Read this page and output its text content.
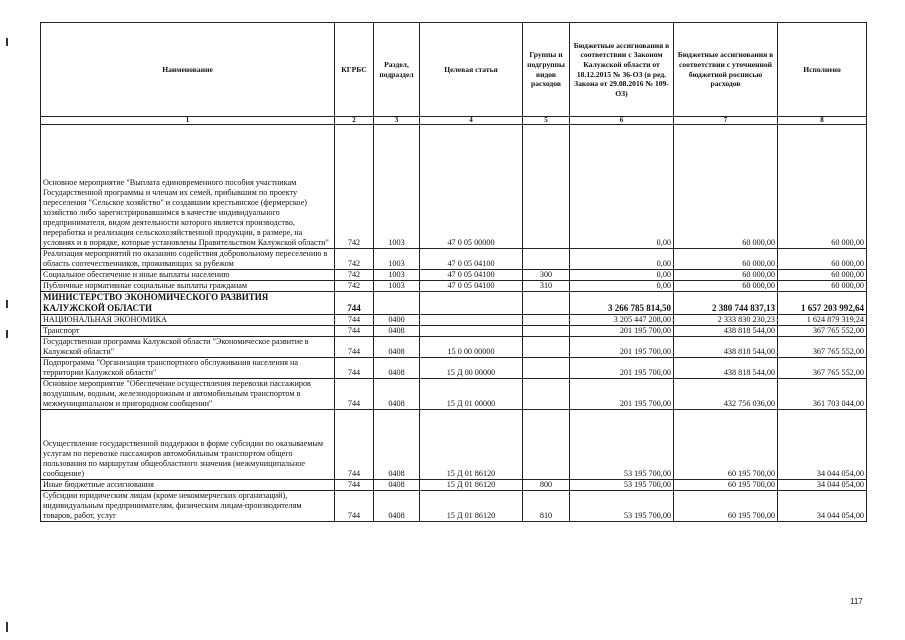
Наименование	КГРБС	Раздел, подраздел	Целевая статья	Группы и подгруппы видов расходов	Бюджетные ассигнования в соответствии с Законом Калужской области от 18.12.2015 № 36-ОЗ (в ред. Закона от 29.08.2016 № 109-ОЗ)	Бюджетные ассигнования в соответствии с уточненной бюджетной росписью расходов	Исполнено
1	2	3	4	5	6	7	8
Основное мероприятие "Выплата единовременного пособия участникам Государственной программы и членам их семей, прибывшим по проекту переселения "Сельское хозяйство" и создавшим крестьянское (фермерское) хозяйство либо зарегистрировавшимся в качестве индивидуального предпринимателя, видом деятельности которого является производство, переработка и реализация сельскохозяйственной продукции, в размере, на условиях и в порядке, которые установлены Правительством Калужской области"	742	1003	47 0 05 00000		0,00	60 000,00	60 000,00
Реализация мероприятий по оказанию содействия добровольному переселению в область соотечественников, проживающих за рубежом	742	1003	47 0 05 04100		0,00	60 000,00	60 000,00
Социальное обеспечение и иные выплаты населению	742	1003	47 0 05 04100	300	0,00	60 000,00	60 000,00
Публичные нормативные социальные выплаты гражданам	742	1003	47 0 05 04100	310	0,00	60 000,00	60 000,00
МИНИСТЕРСТВО ЭКОНОМИЧЕСКОГО РАЗВИТИЯ КАЛУЖСКОЙ ОБЛАСТИ	744				3 266 785 814,50	2 380 744 837,13	1 657 203 992,64
НАЦИОНАЛЬНАЯ ЭКОНОМИКА	744	0400			3 205 447 208,00	2 333 830 230,23	1 624 879 319,24
Транспорт	744	0408			201 195 700,00	438 818 544,00	367 765 552,00
Государственная программа Калужской области "Экономическое развитие в Калужской области"	744	0408	15 0 00 00000		201 195 700,00	438 818 544,00	367 765 552,00
Подпрограмма "Организация транспортного обслуживания населения на территории Калужской области"	744	0408	15 Д 00 00000		201 195 700,00	438 818 544,00	367 765 552,00
Основное мероприятие "Обеспечение осуществления перевозки пассажиров воздушным, водным, железнодорожным и автомобильным транспортом в межмуниципальном и пригородном сообщении"	744	0408	15 Д 01 00000		201 195 700,00	432 756 036,00	361 703 044,00
Осуществление государственной поддержки в форме субсидии по оказываемым услугам по перевозке пассажиров автомобильным транспортом общего пользования по маршрутам общеобластного значения (межмуниципальное сообщение)	744	0408	15 Д 01 86120		53 195 700,00	60 195 700,00	34 044 054,00
Иные бюджетные ассигнования	744	0408	15 Д 01 86120	800	53 195 700,00	60 195 700,00	34 044 054,00
Субсидии юридическим лицам (кроме некоммерческих организаций), индивидуальным предпринимателям, физическим лицам-производителям товаров, работ, услуг	744	0408	15 Д 01 86120	810	53 195 700,00	60 195 700,00	34 044 054,00
117
